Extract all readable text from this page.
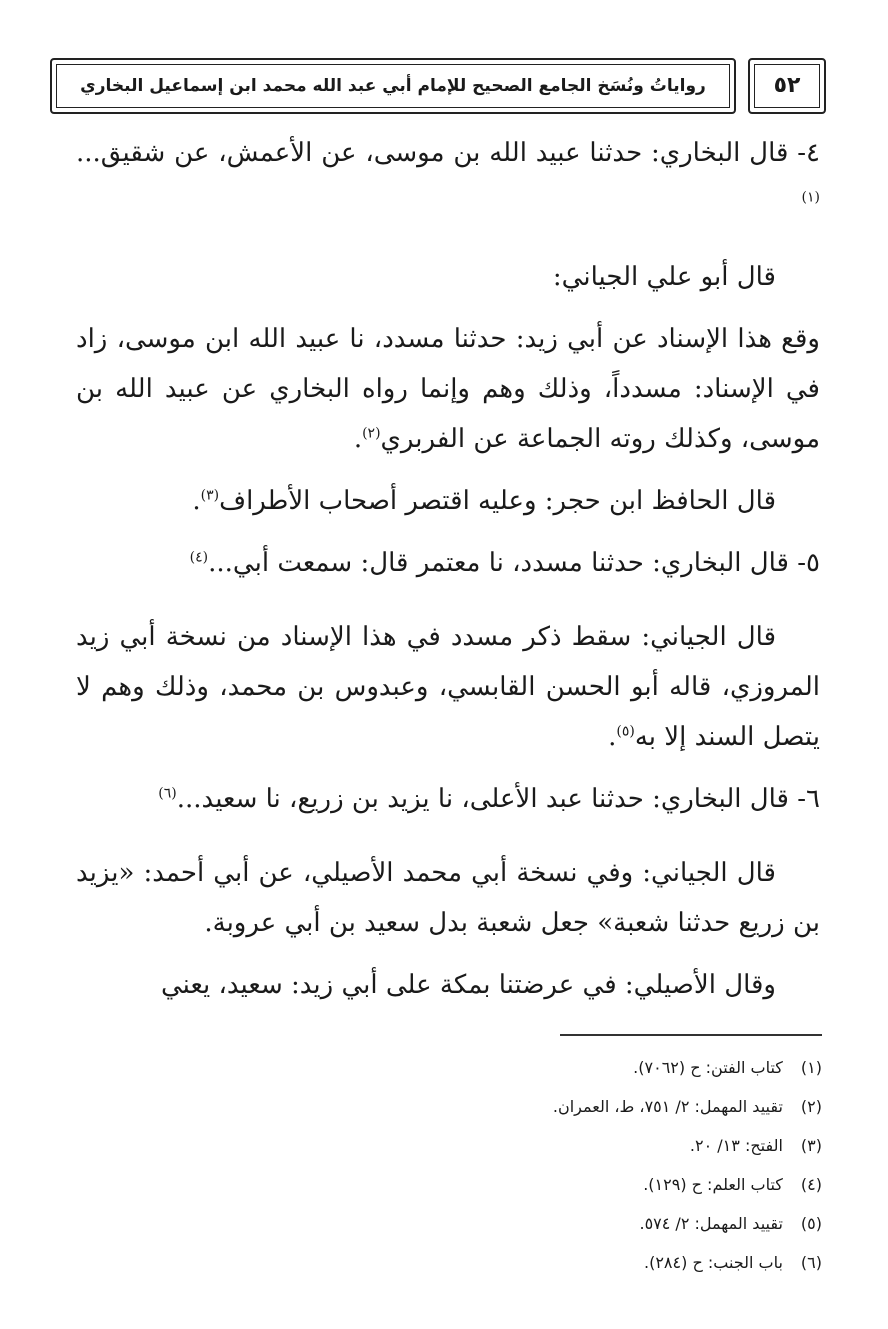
رواياتُ ونُسَخ الجامع الصحيح للإمام أبي عبد الله محمد ابن إسماعيل البخاري	٥٢

٤- قال البخاري: حدثنا عبيد الله بن موسى، عن الأعمش، عن شقيق...$^{(١)}$

قال أبو علي الجياني:

وقع هذا الإسناد عن أبي زيد: حدثنا مسدد، نا عبيد الله ابن موسى، زاد في الإسناد: مسدداً، وذلك وهم وإنما رواه البخاري عن عبيد الله بن موسى، وكذلك روته الجماعة عن الفربري$^{(٢)}$.

قال الحافظ ابن حجر: وعليه اقتصر أصحاب الأطراف$^{(٣)}$.

٥- قال البخاري: حدثنا مسدد، نا معتمر قال: سمعت أبي...$^{(٤)}$

قال الجياني: سقط ذكر مسدد في هذا الإسناد من نسخة أبي زيد المروزي، قاله أبو الحسن القابسي، وعبدوس بن محمد، وذلك وهم لا يتصل السند إلا به$^{(٥)}$.

٦- قال البخاري: حدثنا عبد الأعلى، نا يزيد بن زريع، نا سعيد...$^{(٦)}$

قال الجياني: وفي نسخة أبي محمد الأصيلي، عن أبي أحمد: «يزيد بن زريع حدثنا شعبة» جعل شعبة بدل سعيد بن أبي عروبة.

وقال الأصيلي: في عرضتنا بمكة على أبي زيد: سعيد، يعني

(١) كتاب الفتن: ح (٧٠٦٢).
(٢) تقييد المهمل: ٢/ ٧٥١، ط، العمران.
(٣) الفتح: ١٣/ ٢٠.
(٤) كتاب العلم: ح (١٢٩).
(٥) تقييد المهمل: ٢/ ٥٧٤.
(٦) باب الجنب: ح (٢٨٤).
